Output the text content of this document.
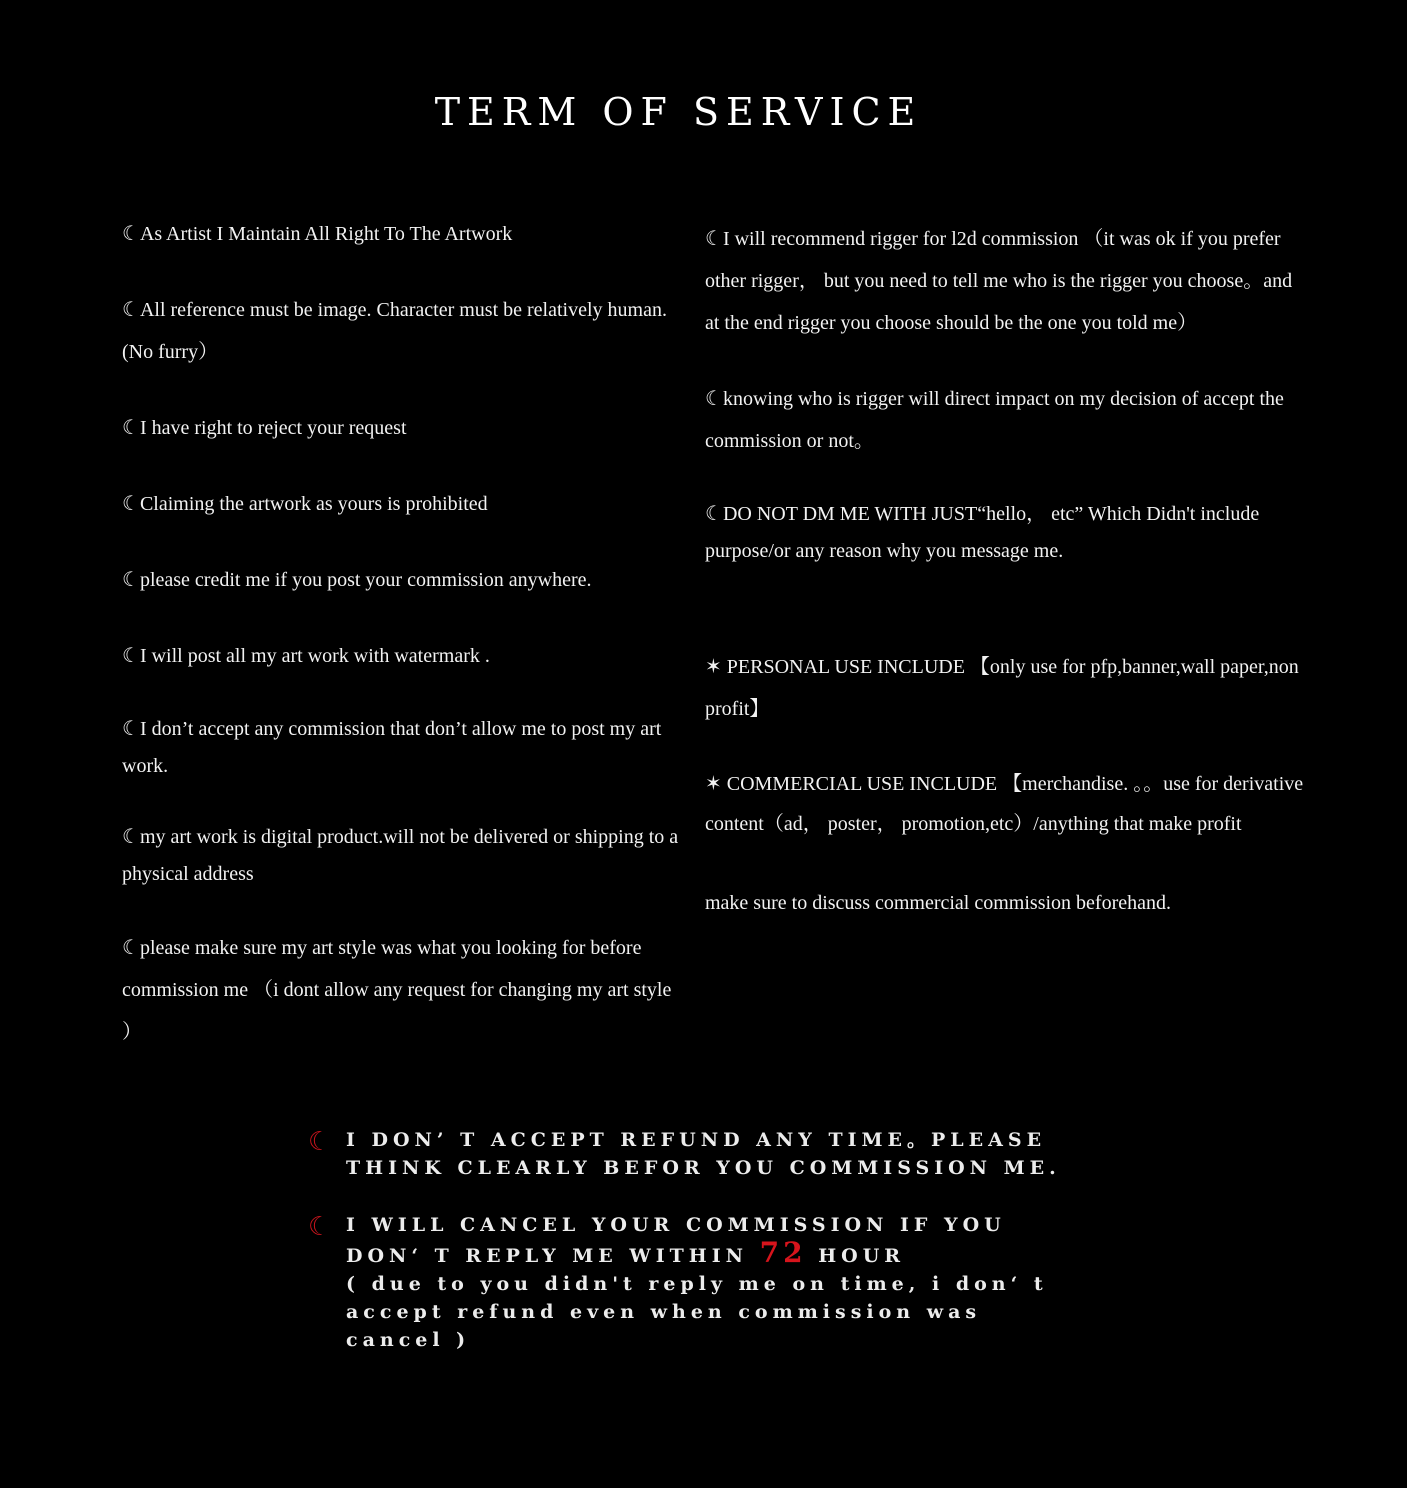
TERM OF SERVICE

☾As Artist I Maintain All Right To The Artwork

☾All reference must be image. Character must be relatively human.(No furry）

☾I have right to reject your request

☾Claiming the artwork as yours is prohibited

☾please credit me if you post your commission anywhere.

☾I will post all my art work with watermark .

☾I don’t accept any commission that don’t allow me to post my art work.

☾my art work is digital product.will not be delivered or shipping to a physical address

☾please make sure my art style was what you looking for before commission me （i dont allow any request for changing my art style ）

☾I will recommend rigger for l2d commission （it was ok if you prefer other rigger， but you need to tell me who is the rigger you choose。and at the end rigger you choose should be the one you told me）

☾knowing who is rigger will direct impact on my decision of accept the commission or not。

☾DO NOT DM ME WITH JUST“hello， etc” Which Didn't include purpose/or any reason why you message me.

✶ PERSONAL USE INCLUDE 【only use for pfp,banner,wall paper,non profit】

✶ COMMERCIAL USE INCLUDE 【merchandise. 。。use for derivative content（ad， poster， promotion,etc）/anything that make profit

make sure to discuss commercial commission beforehand.

☾ I DON’ T ACCEPT REFUND ANY TIME。PLEASE THINK CLEARLY BEFOR YOU COMMISSION ME.
☾ I WILL CANCEL YOUR COMMISSION IF YOU DON‘ T REPLY ME WITHIN 72 HOUR
( due to you didn't reply me on time, i don‘ t accept refund even when commission was cancel )
